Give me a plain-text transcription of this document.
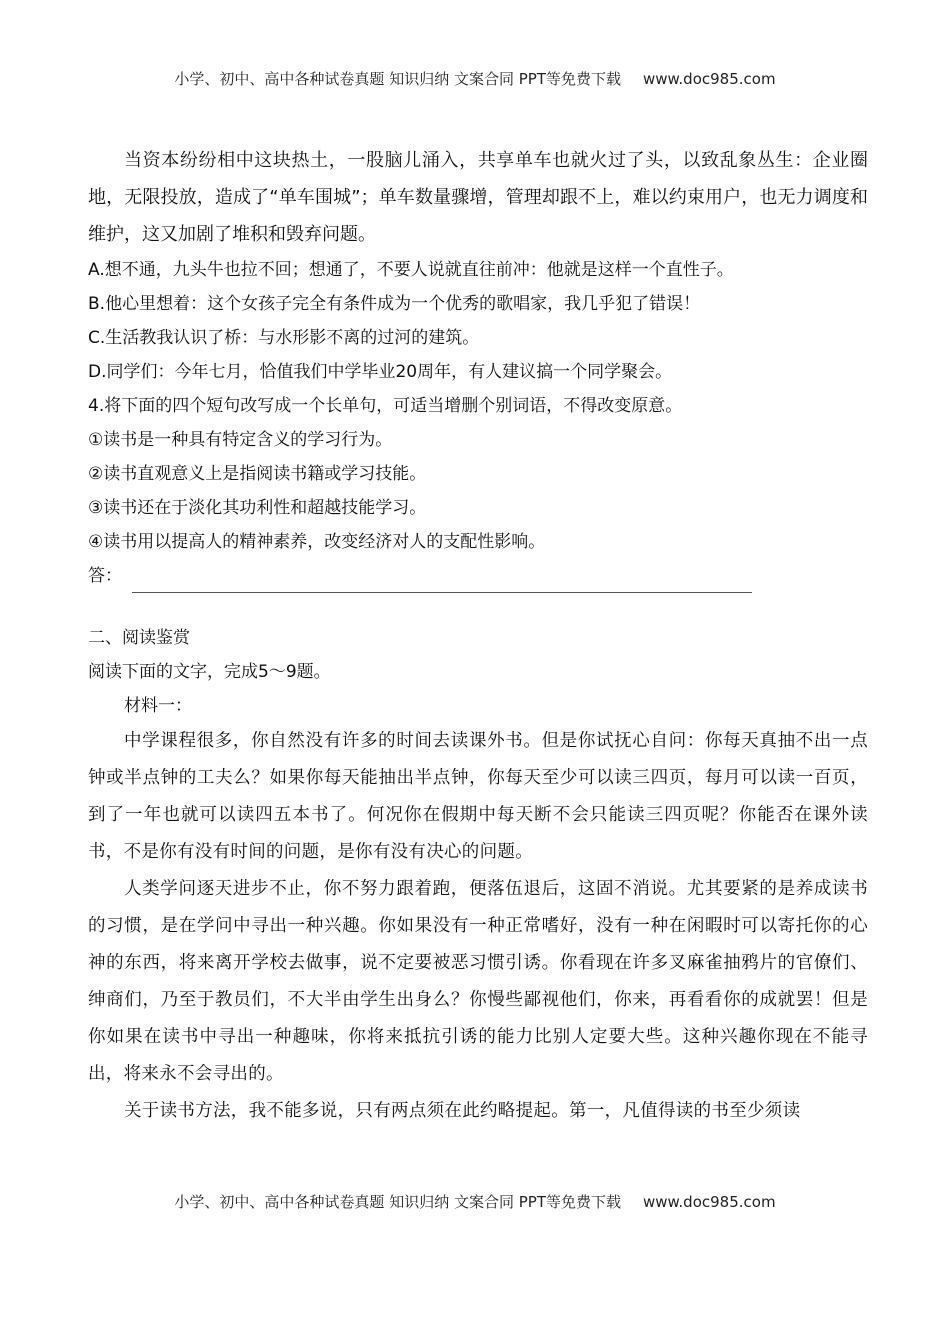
小学、初中、高中各种试卷真题 知识归纳 文案合同 PPT等免费下载 www.doc985.com

当资本纷纷相中这块热土，一股脑儿涌入，共享单车也就火过了头，以致乱象丛生：企业圈地，无限投放，造成了“单车围城”；单车数量骤增，管理却跟不上，难以约束用户，也无力调度和维护，这又加剧了堆积和毁弃问题。

A.想不通，九头牛也拉不回；想通了，不要人说就直往前冲：他就是这样一个直性子。

B.他心里想着：这个女孩子完全有条件成为一个优秀的歌唱家，我几乎犯了错误！

C.生活教我认识了桥：与水形影不离的过河的建筑。

D.同学们：今年七月，恰值我们中学毕业20周年，有人建议搞一个同学聚会。

4.将下面的四个短句改写成一个长单句，可适当增删个别词语，不得改变原意。

①读书是一种具有特定含义的学习行为。

②读书直观意义上是指阅读书籍或学习技能。

③读书还在于淡化其功利性和超越技能学习。

④读书用以提高人的精神素养，改变经济对人的支配性影响。

答：

二、阅读鉴赏

阅读下面的文字，完成5～9题。

材料一：

中学课程很多，你自然没有许多的时间去读课外书。但是你试抚心自问：你每天真抽不出一点钟或半点钟的工夫么？如果你每天能抽出半点钟，你每天至少可以读三四页，每月可以读一百页，到了一年也就可以读四五本书了。何况你在假期中每天断不会只能读三四页呢？你能否在课外读书，不是你有没有时间的问题，是你有没有决心的问题。

人类学问逐天进步不止，你不努力跟着跑，便落伍退后，这固不消说。尤其要紧的是养成读书的习惯，是在学问中寻出一种兴趣。你如果没有一种正常嗜好，没有一种在闲暇时可以寄托你的心神的东西，将来离开学校去做事，说不定要被恶习惯引诱。你看现在许多叉麻雀抽鸦片的官僚们、绅商们，乃至于教员们，不大半由学生出身么？你慢些鄙视他们，你来，再看看你的成就罢！但是你如果在读书中寻出一种趣味，你将来抵抗引诱的能力比别人定要大些。这种兴趣你现在不能寻出，将来永不会寻出的。

关于读书方法，我不能多说，只有两点须在此约略提起。第一，凡值得读的书至少须读

小学、初中、高中各种试卷真题 知识归纳 文案合同 PPT等免费下载 www.doc985.com
